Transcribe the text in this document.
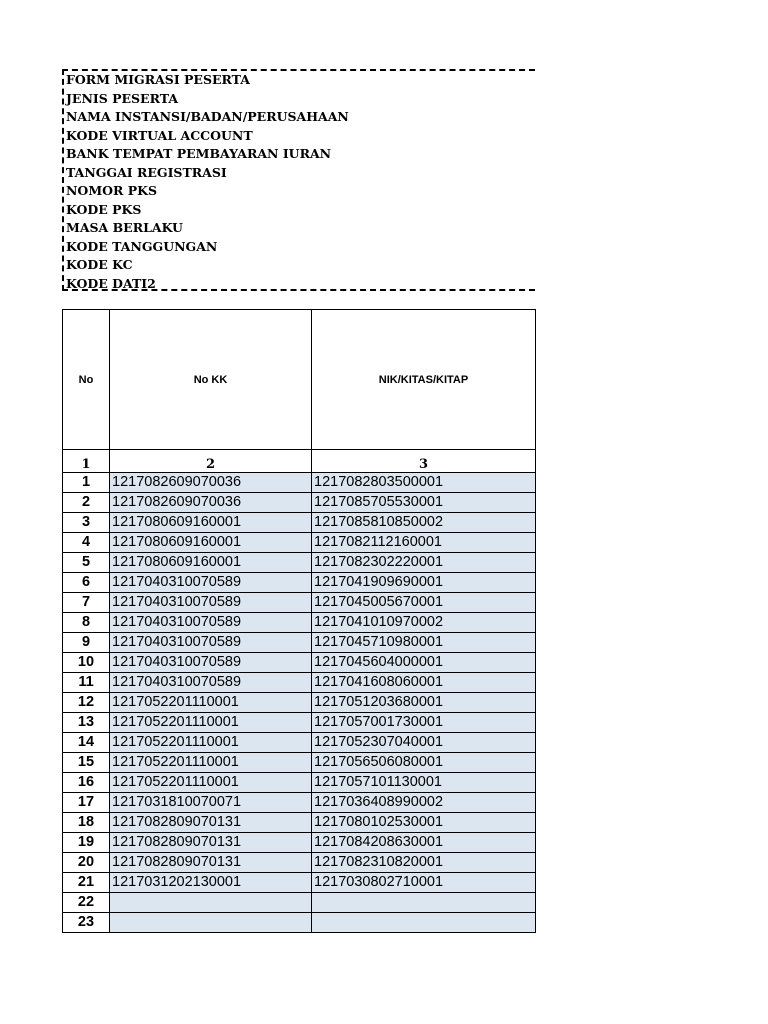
FORM MIGRASI PESERTA
JENIS PESERTA
NAMA INSTANSI/BADAN/PERUSAHAAN
KODE VIRTUAL ACCOUNT
BANK TEMPAT PEMBAYARAN IURAN
TANGGAI REGISTRASI
NOMOR PKS
KODE PKS
MASA BERLAKU
KODE TANGGUNGAN
KODE KC
KODE DATI2
No	No KK	NIK/KITAS/KITAP
1	2	3
1	1217082609070036	1217082803500001
2	1217082609070036	1217085705530001
3	1217080609160001	1217085810850002
4	1217080609160001	1217082112160001
5	1217080609160001	1217082302220001
6	1217040310070589	1217041909690001
7	1217040310070589	1217045005670001
8	1217040310070589	1217041010970002
9	1217040310070589	1217045710980001
10	1217040310070589	1217045604000001
11	1217040310070589	1217041608060001
12	1217052201110001	1217051203680001
13	1217052201110001	1217057001730001
14	1217052201110001	1217052307040001
15	1217052201110001	1217056506080001
16	1217052201110001	1217057101130001
17	1217031810070071	1217036408990002
18	1217082809070131	1217080102530001
19	1217082809070131	1217084208630001
20	1217082809070131	1217082310820001
21	1217031202130001	1217030802710001
22		
23		
